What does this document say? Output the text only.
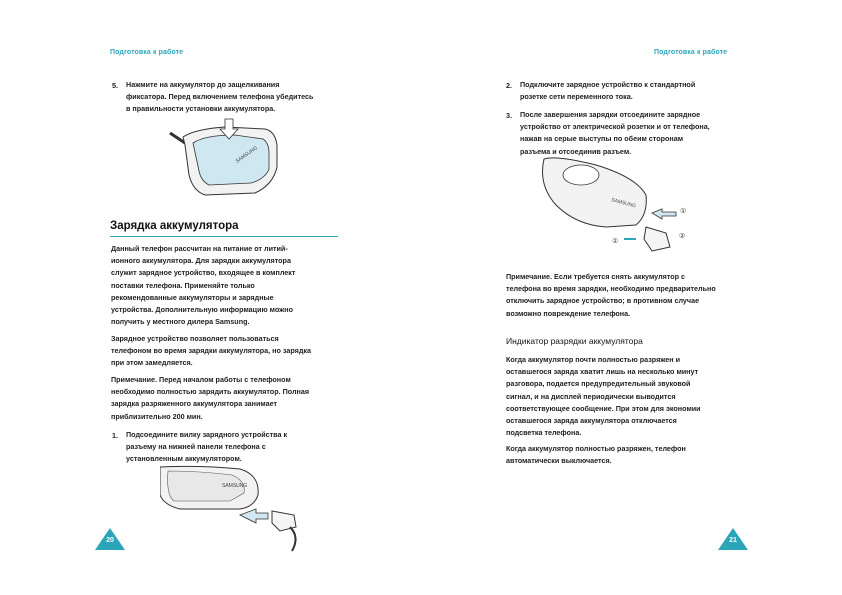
Подготовка к работе
5. Нажмите на аккумулятор до защелкивания
фиксатора. Перед включением телефона убедитесь
в правильности установки аккумулятора.
SAMSUNG
Зарядка аккумулятора
Данный телефон рассчитан на питание от литий-
ионного аккумулятора. Для зарядки аккумулятора
служит зарядное устройство, входящее в комплект
поставки телефона. Применяйте только
рекомендованные аккумуляторы и зарядные
устройства. Дополнительную информацию можно
получить у местного дилера Samsung.
Зарядное устройство позволяет пользоваться
телефоном во время зарядки аккумулятора, но зарядка
при этом замедляется.
Примечание. Перед началом работы с телефоном
необходимо полностью зарядить аккумулятор. Полная
зарядка разряженного аккумулятора занимает
приблизительно 200 мин.
1. Подсоедините вилку зарядного устройства к
разъему на нижней панели телефона с
установленным аккумулятором.
SAMSUNG
20
Подготовка к работе
2. Подключите зарядное устройство к стандартной
розетке сети переменного тока.
3. После завершения зарядки отсоедините зарядное
устройство от электрической розетки и от телефона,
нажав на серые выступы по обеим сторонам
разъема и отсоединив разъем.
SAMSUNG
①
②
①
Примечание. Если требуется снять аккумулятор с
телефона во время зарядки, необходимо предварительно
отключить зарядное устройство; в противном случае
возможно повреждение телефона.
Индикатор разрядки аккумулятора
Когда аккумулятор почти полностью разряжен и
оставшегося заряда хватит лишь на несколько минут
разговора, подается предупредительный звуковой
сигнал, и на дисплей периодически выводится
соответствующее сообщение. При этом для экономии
оставшегося заряда аккумулятора отключается
подсветка телефона.
Когда аккумулятор полностью разряжен, телефон
автоматически выключается.
21
